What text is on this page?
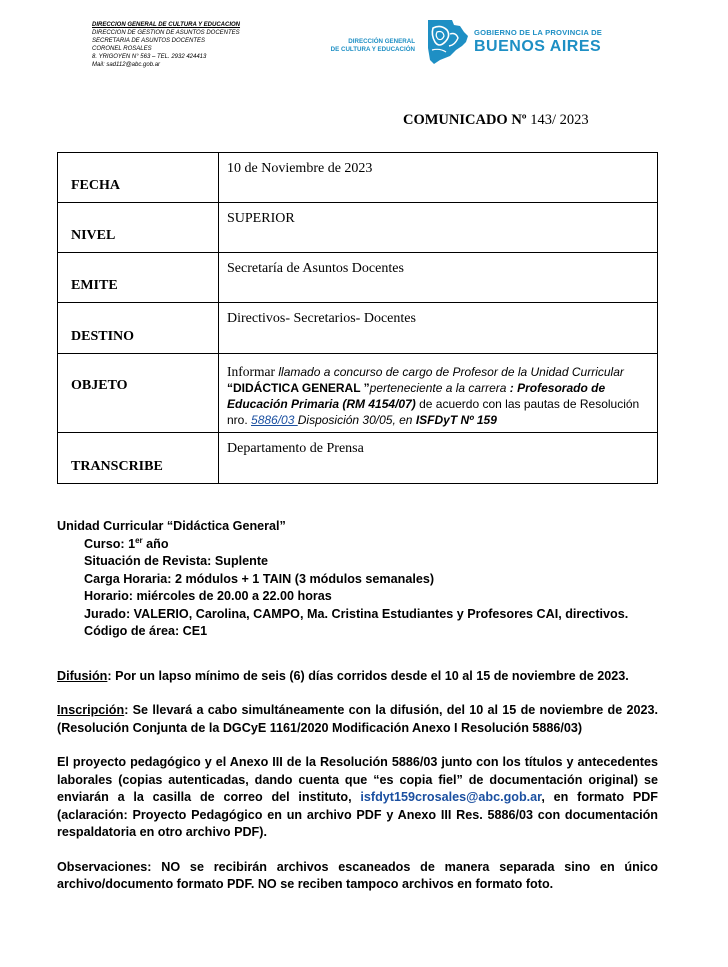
DIRECCION GENERAL DE CULTURA Y EDUCACION
DIRECCION DE GESTION DE ASUNTOS DOCENTES
SECRETARIA DE ASUNTOS DOCENTES
CORONEL ROSALES
8. YRIGOYEN N° 563 – TEL. 2932 424413
Mail: sad112@abc.gob.ar
DIRECCIÓN GENERAL
DE CULTURA Y EDUCACIÓN
GOBIERNO DE LA PROVINCIA DE
BUENOS AIRES
COMUNICADO Nº 143/ 2023
FECHA	10 de Noviembre de 2023
NIVEL	SUPERIOR
EMITE	Secretaría de Asuntos Docentes
DESTINO	Directivos- Secretarios- Docentes
OBJETO	Informar llamado a concurso de cargo de Profesor de la Unidad Curricular
“DIDÁCTICA GENERAL ”perteneciente a la carrera : Profesorado de Educación Primaria (RM 4154/07) de acuerdo con las pautas de Resolución nro. 5886/03 Disposición 30/05, en ISFDyT Nº 159
TRANSCRIBE	Departamento de Prensa

Unidad Curricular “Didáctica General”

Curso: 1er año

Situación de Revista: Suplente

Carga Horaria: 2 módulos + 1 TAIN (3 módulos semanales)

Horario: miércoles de 20.00 a 22.00 horas

Jurado: VALERIO, Carolina, CAMPO, Ma. Cristina Estudiantes y Profesores CAI, directivos.

Código de área: CE1

Difusión: Por un lapso mínimo de seis (6) días corridos desde el 10 al 15 de noviembre de 2023.

Inscripción: Se llevará a cabo simultáneamente con la difusión, del 10 al 15 de noviembre de 2023. (Resolución Conjunta de la DGCyE 1161/2020 Modificación Anexo I Resolución 5886/03)

El proyecto pedagógico y el Anexo III de la Resolución 5886/03 junto con los títulos y antecedentes laborales (copias autenticadas, dando cuenta que “es copia fiel” de documentación original) se enviarán a la casilla de correo del instituto, isfdyt159crosales@abc.gob.ar, en formato PDF (aclaración: Proyecto Pedagógico en un archivo PDF y Anexo III Res. 5886/03 con documentación respaldatoria en otro archivo PDF).

Observaciones: NO se recibirán archivos escaneados de manera separada sino en único archivo/documento formato PDF. NO se reciben tampoco archivos en formato foto.
